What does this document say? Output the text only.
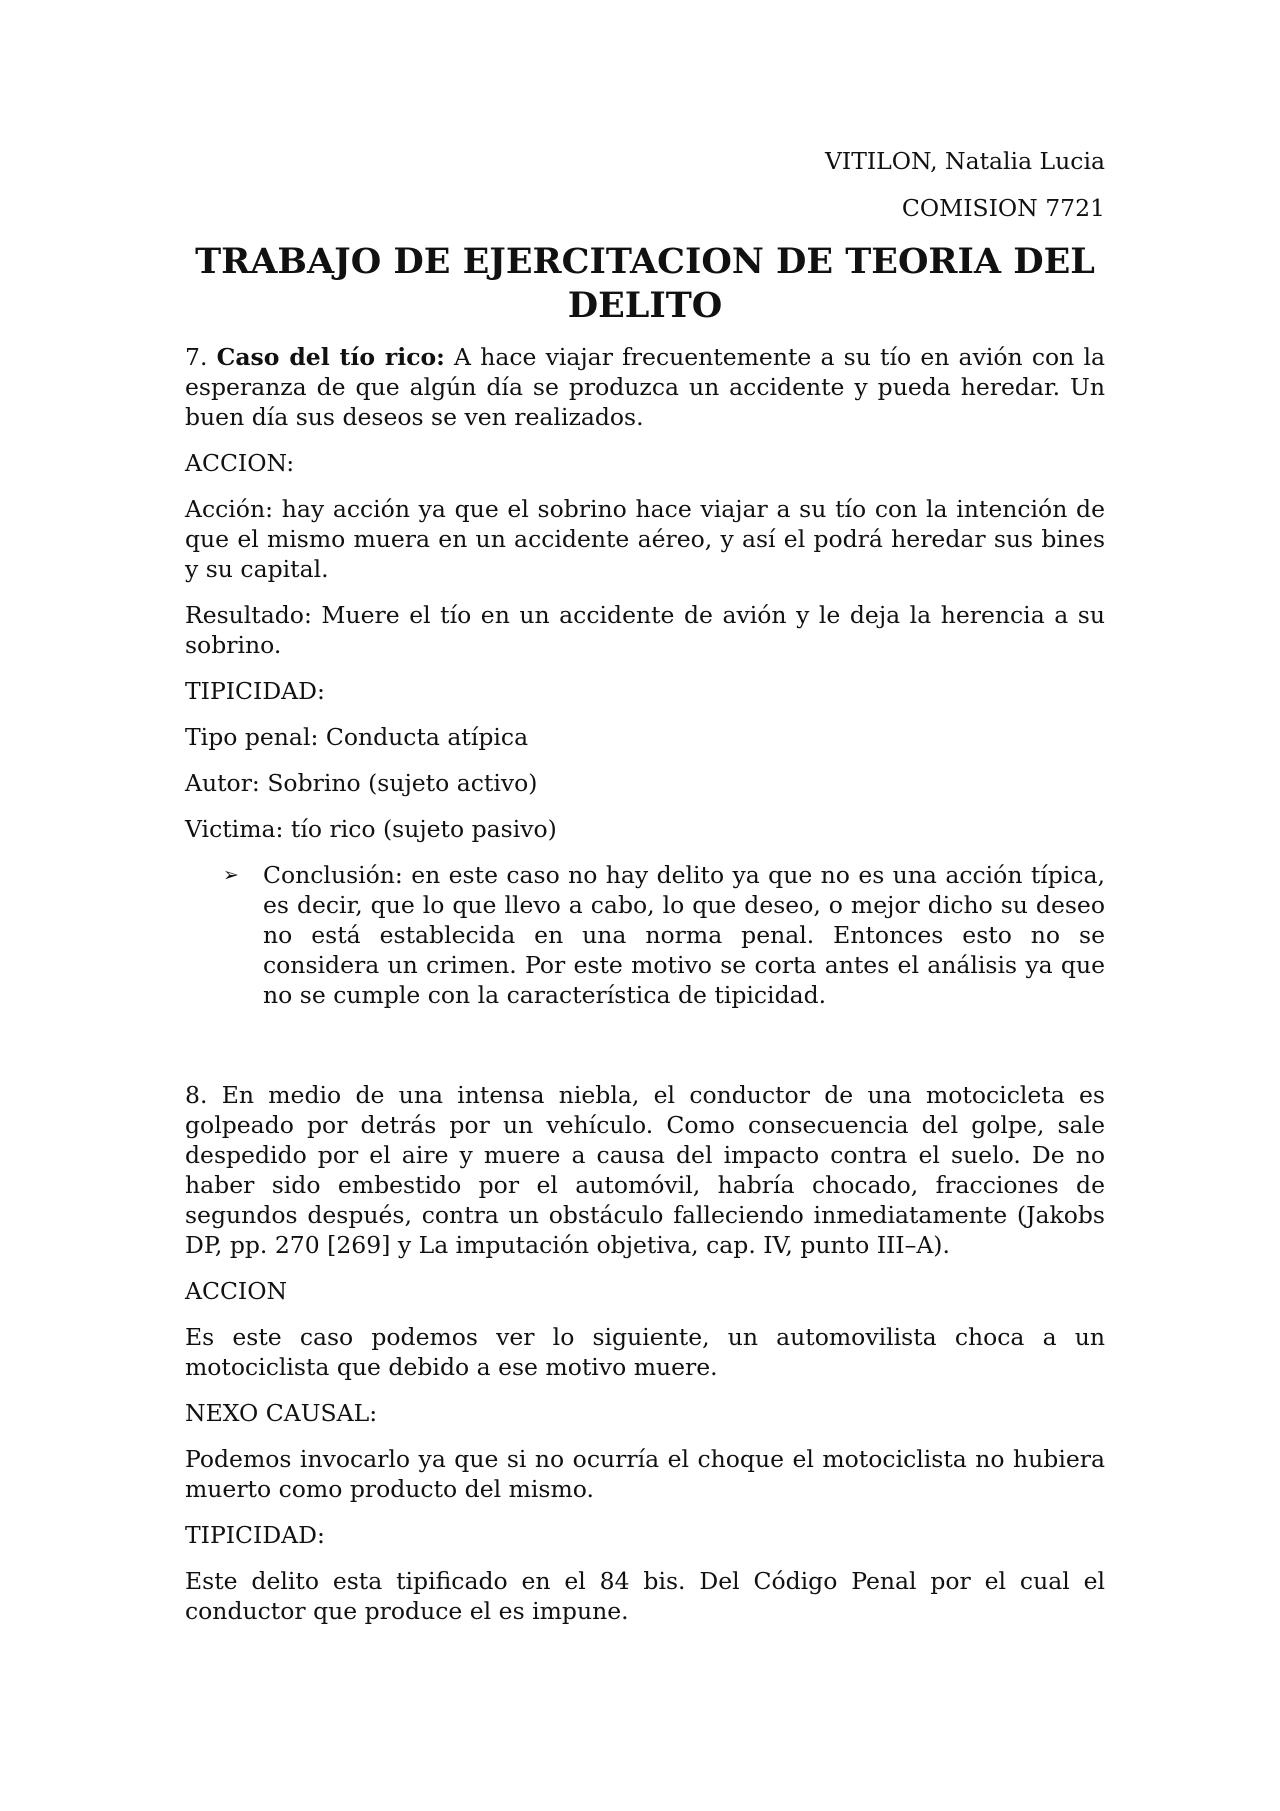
VITILON, Natalia Lucia
COMISION 7721
TRABAJO DE EJERCITACION DE TEORIA DEL
DELITO

7. Caso del tío rico: A hace viajar frecuentemente a su tío en avión con la esperanza de que algún día se produzca un accidente y pueda heredar. Un buen día sus deseos se ven realizados.

ACCION:

Acción: hay acción ya que el sobrino hace viajar a su tío con la intención de que el mismo muera en un accidente aéreo, y así el podrá heredar sus bines y su capital.

Resultado: Muere el tío en un accidente de avión y le deja la herencia a su sobrino.

TIPICIDAD:

Tipo penal: Conducta atípica

Autor: Sobrino (sujeto activo)

Victima: tío rico (sujeto pasivo)

➢ Conclusión: en este caso no hay delito ya que no es una acción típica, es decir, que lo que llevo a cabo, lo que deseo, o mejor dicho su deseo no está establecida en una norma penal. Entonces esto no se considera un crimen. Por este motivo se corta antes el análisis ya que no se cumple con la característica de tipicidad.

8. En medio de una intensa niebla, el conductor de una motocicleta es golpeado por detrás por un vehículo. Como consecuencia del golpe, sale despedido por el aire y muere a causa del impacto contra el suelo. De no haber sido embestido por el automóvil, habría chocado, fracciones de segundos después, contra un obstáculo falleciendo inmediatamente (Jakobs DP, pp. 270 [269] y La imputación objetiva, cap. IV, punto III–A).

ACCION

Es este caso podemos ver lo siguiente, un automovilista choca a un motociclista que debido a ese motivo muere.

NEXO CAUSAL:

Podemos invocarlo ya que si no ocurría el choque el motociclista no hubiera muerto como producto del mismo.

TIPICIDAD:

Este delito esta tipificado en el 84 bis. Del Código Penal por el cual el conductor que produce el es impune.
